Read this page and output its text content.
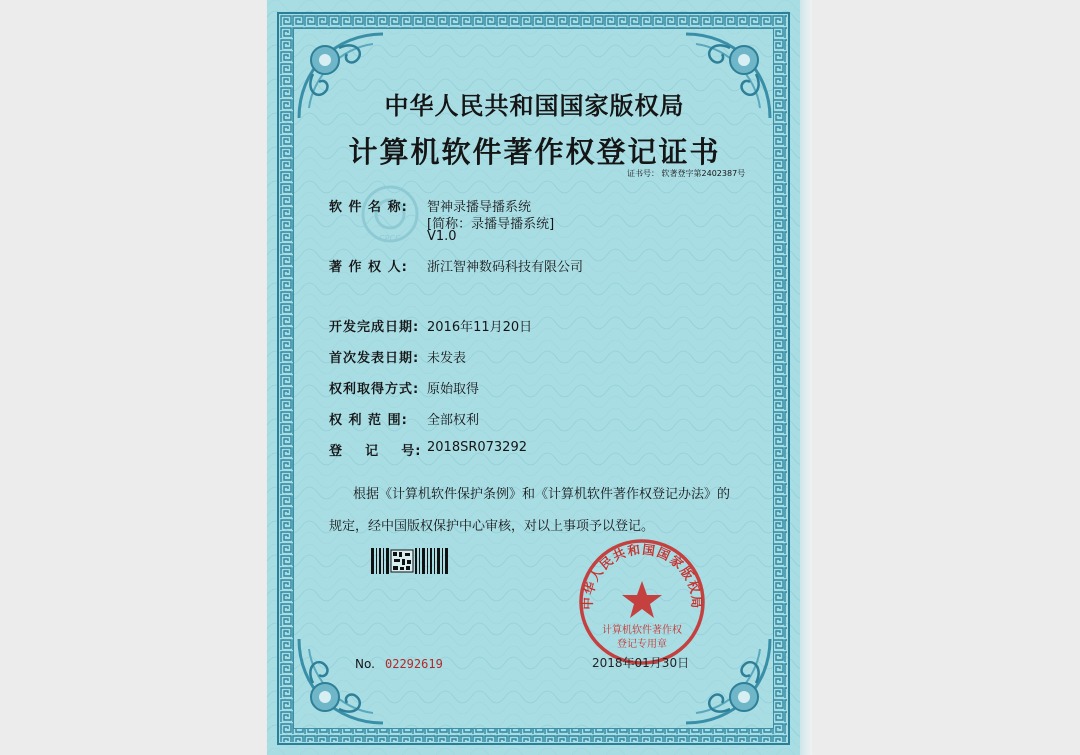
CPCC
中华人民共和国国家版权局
计算机软件著作权登记证书
证书号： 软著登字第2402387号
软 件 名 称: 智神录播导播系统
[简称：录播导播系统]
V1.0
著 作 权 人: 浙江智神数码科技有限公司
开发完成日期: 2016年11月20日
首次发表日期: 未发表
权利取得方式: 原始取得
权 利 范 围: 全部权利
登    记    号: 2018SR073292
根据《计算机软件保护条例》和《计算机软件著作权登记办法》的
规定，经中国版权保护中心审核，对以上事项予以登记。
中华人民共和国国家版权局
计算机软件著作权
登记专用章
2018年01月30日
No. 02292619
